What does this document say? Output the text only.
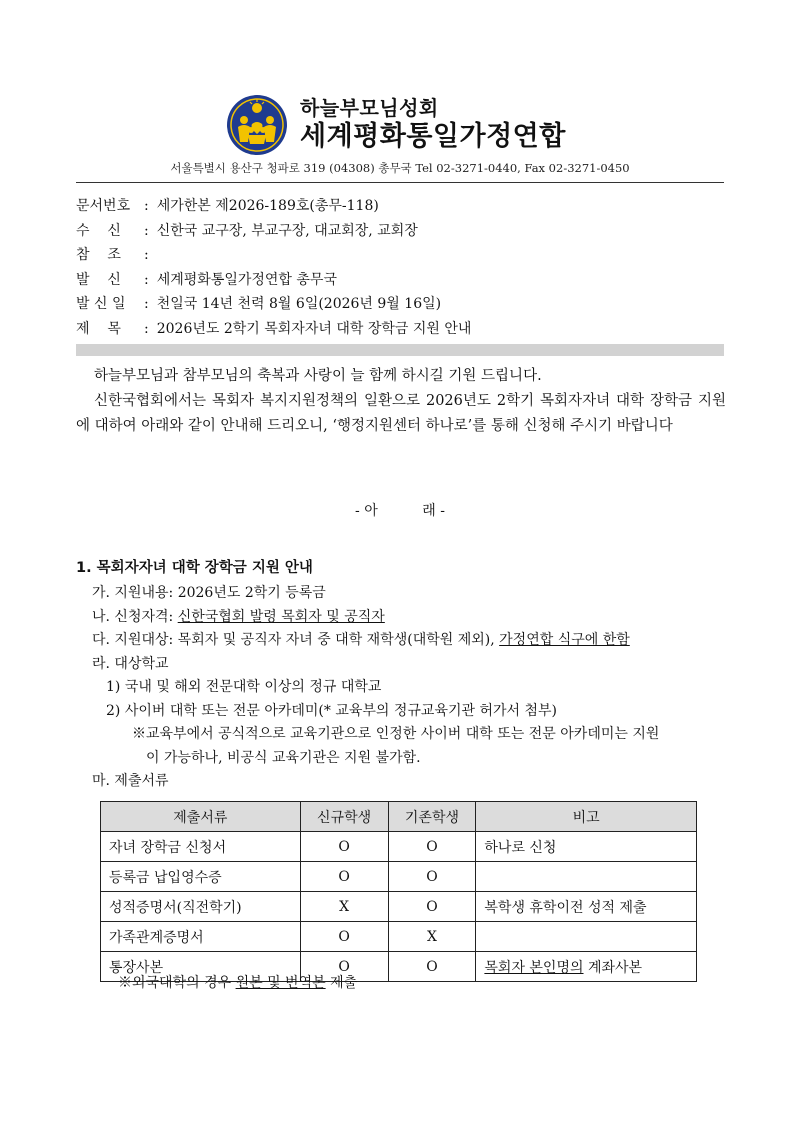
하늘부모님성회
세계평화통일가정연합
서울특별시 용산구 청파로 319 (04308) 총무국 Tel 02-3271-0440, Fax 02-3271-0450
문서번호 : 세가한본 제2026-189호(총무-118)
수    신	: 신한국 교구장, 부교구장, 대교회장, 교회장
참    조	:
발    신	: 세계평화통일가정연합 총무국
발 신 일	: 천일국 14년 천력 8월 6일(2026년 9월 16일)
제    목	: 2026년도 2학기 목회자자녀 대학 장학금 지원 안내

하늘부모님과 참부모님의 축복과 사랑이 늘 함께 하시길 기원 드립니다.

신한국협회에서는 목회자 복지지원정책의 일환으로 2026년도 2학기 목회자자녀 대학 장학금 지원에 대하여 아래와 같이 안내해 드리오니, ‘행정지원센터 하나로’를 통해 신청해 주시기 바랍니다

- 아          래 -
1. 목회자자녀 대학 장학금 지원 안내
가. 지원내용: 2026년도 2학기 등록금
나. 신청자격: 신한국협회 발령 목회자 및 공직자
다. 지원대상: 목회자 및 공직자 자녀 중 대학 재학생(대학원 제외), 가정연합 식구에 한함
라. 대상학교
1) 국내 및 해외 전문대학 이상의 정규 대학교
2) 사이버 대학 또는 전문 아카데미(* 교육부의 정규교육기관 허가서 첨부)
※교육부에서 공식적으로 교육기관으로 인정한 사이버 대학 또는 전문 아카데미는 지원
이 가능하나, 비공식 교육기관은 지원 불가함.
마. 제출서류
제출서류	신규학생	기존학생	비고
자녀 장학금 신청서	O	O	하나로 신청
등록금 납입영수증	O	O	
성적증명서(직전학기)	X	O	복학생 휴학이전 성적 제출
가족관계증명서	O	X	
통장사본	O	O	목회자 본인명의 계좌사본
※외국대학의 경우 원본 및 번역본 제출
